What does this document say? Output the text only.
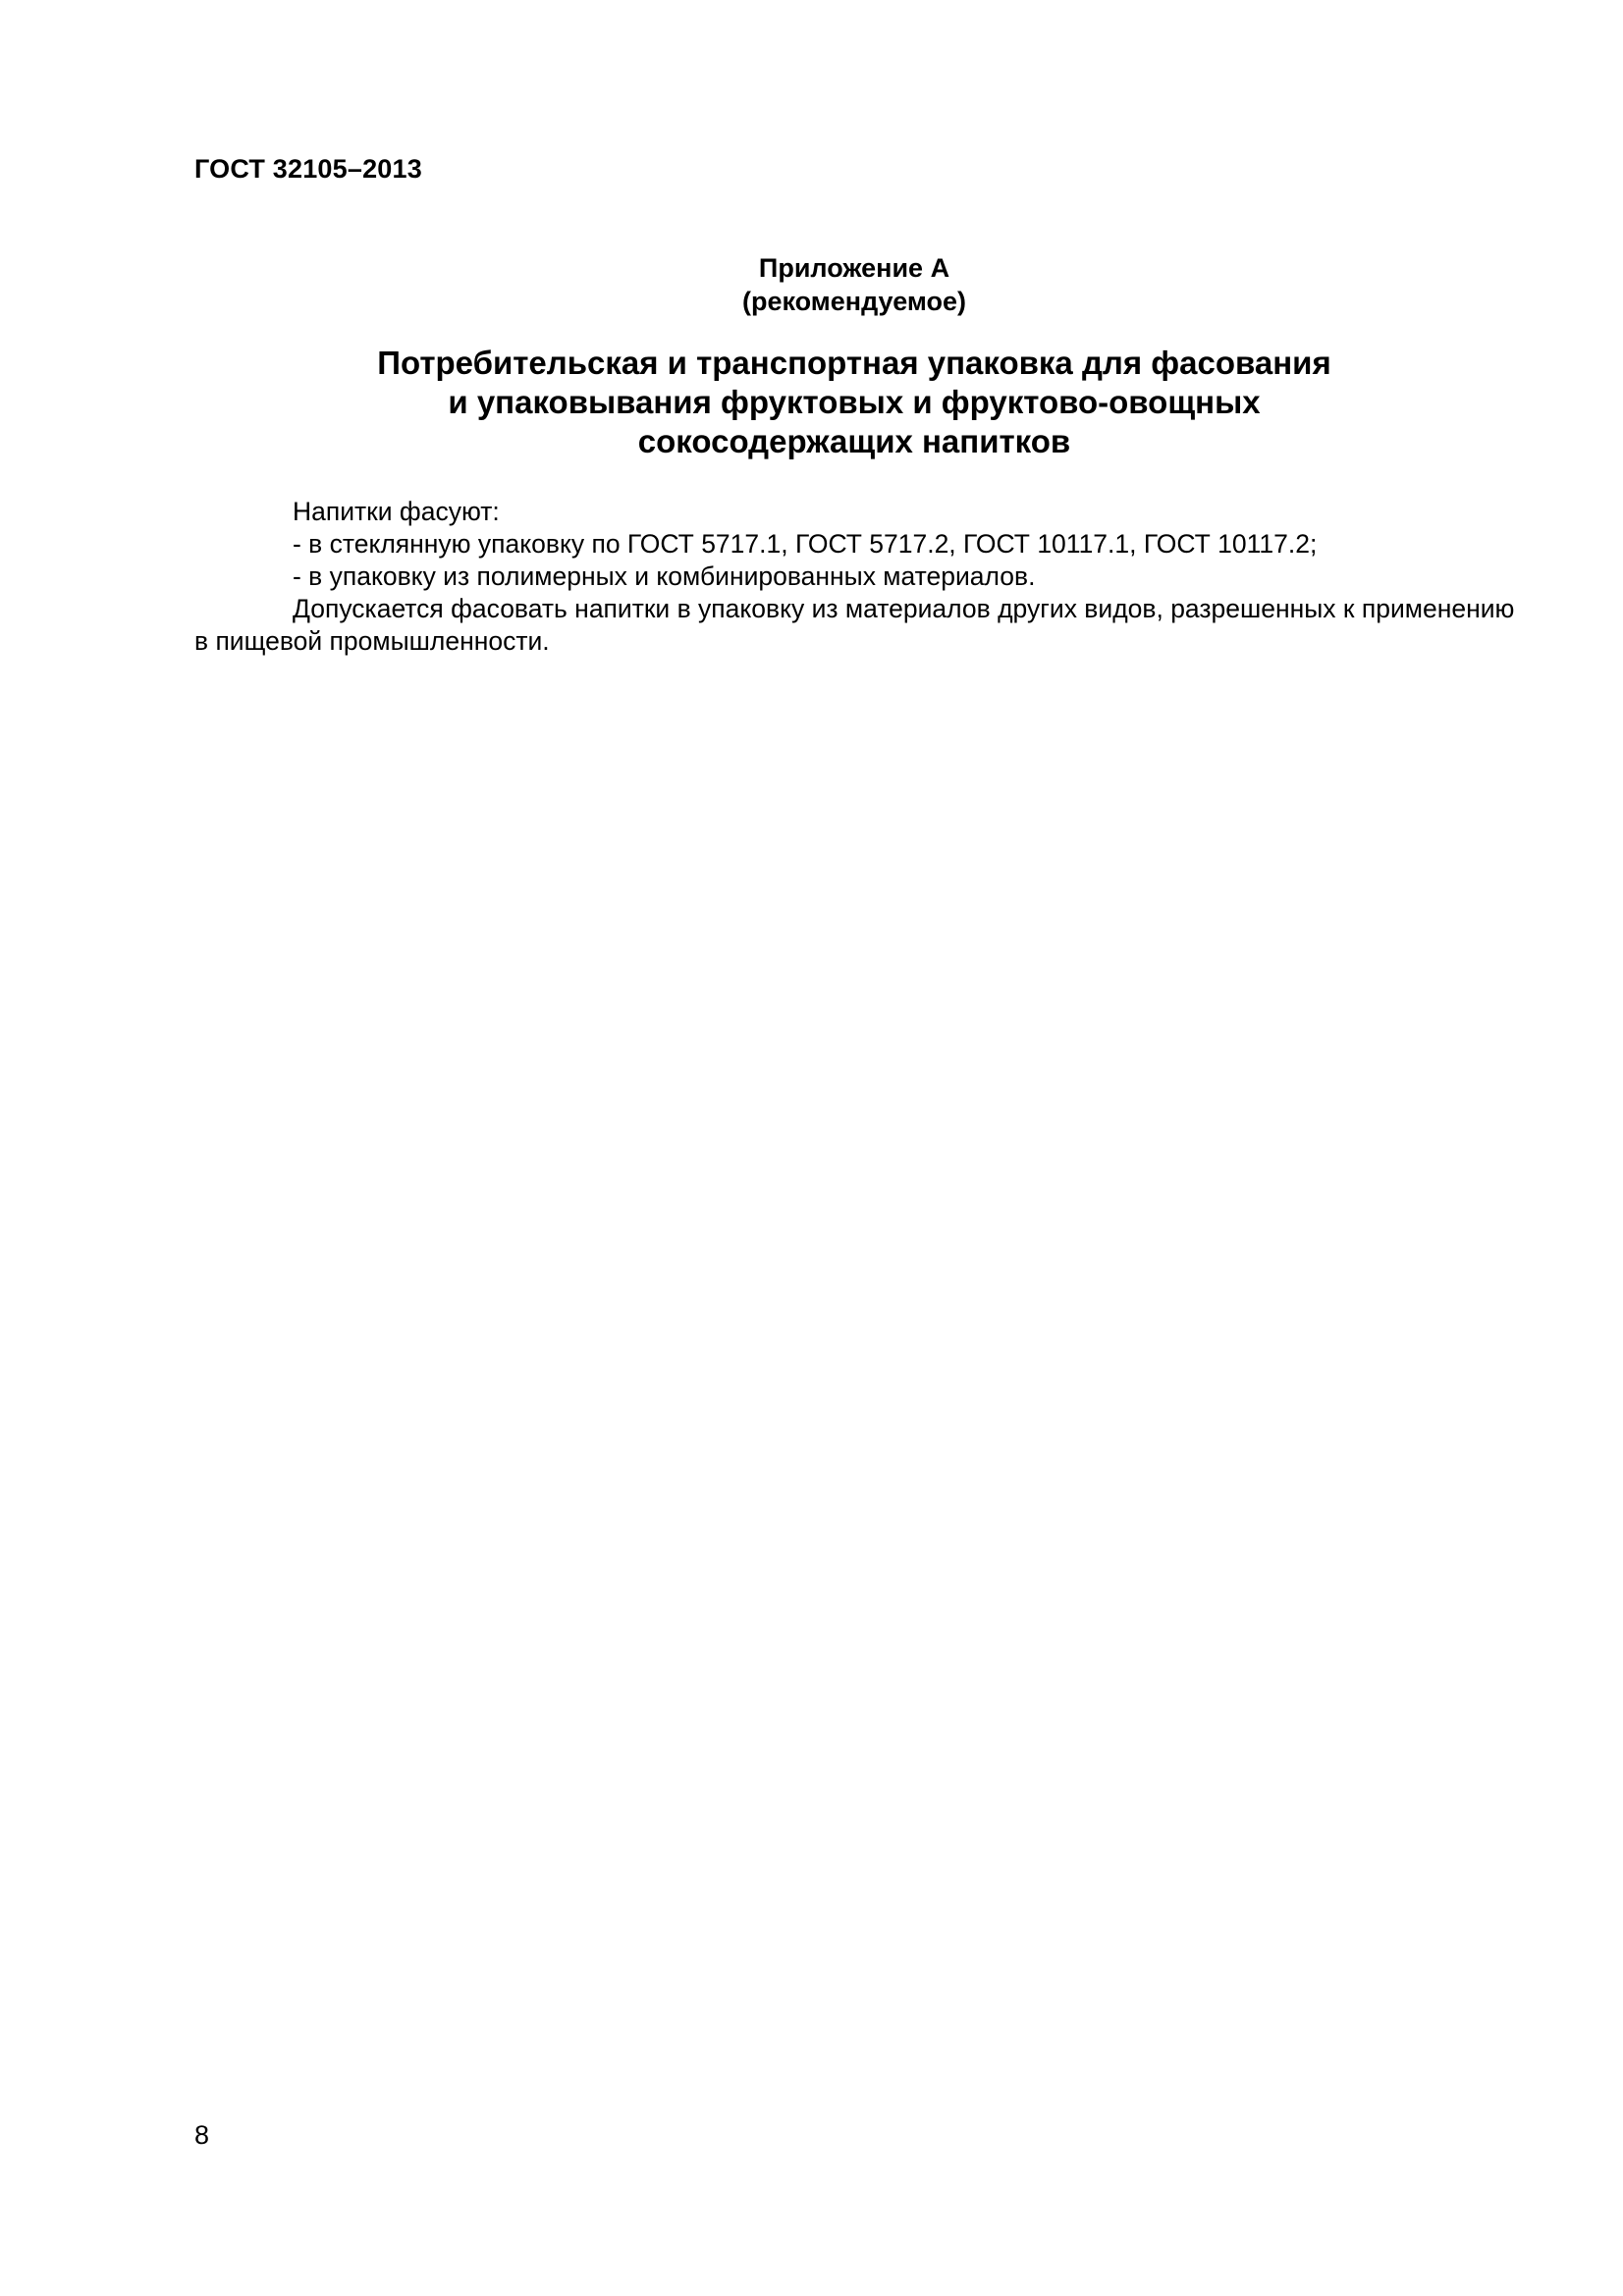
ГОСТ 32105–2013
Приложение А
(рекомендуемое)
Потребительская и транспортная упаковка для фасования
и упаковывания фруктовых и фруктово-овощных
сокосодержащих напитков

Напитки фасуют:

- в стеклянную упаковку по ГОСТ 5717.1, ГОСТ 5717.2, ГОСТ 10117.1, ГОСТ 10117.2;

- в упаковку из полимерных и комбинированных материалов.

Допускается фасовать напитки в упаковку из материалов других видов, разрешенных к применению в пищевой промышленности.

8
